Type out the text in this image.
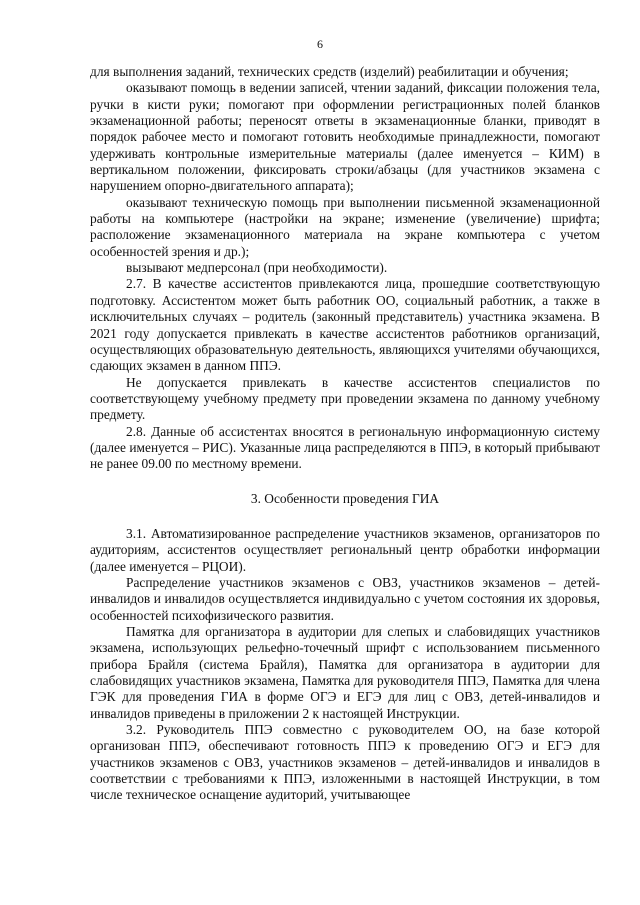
6

для выполнения заданий, технических средств (изделий) реабилитации и обучения;

оказывают помощь в ведении записей, чтении заданий, фиксации положения тела, ручки в кисти руки; помогают при оформлении регистрационных полей бланков экзаменационной работы; переносят ответы в экзаменационные бланки, приводят в порядок рабочее место и помогают готовить необходимые принадлежности, помогают удерживать контрольные измерительные материалы (далее именуется – КИМ) в вертикальном положении, фиксировать строки/абзацы (для участников экзамена с нарушением опорно-двигательного аппарата);

оказывают техническую помощь при выполнении письменной экзаменационной работы на компьютере (настройки на экране; изменение (увеличение) шрифта; расположение экзаменационного материала на экране компьютера с учетом особенностей зрения и др.);

вызывают медперсонал (при необходимости).

2.7. В качестве ассистентов привлекаются лица, прошедшие соответствующую подготовку. Ассистентом может быть работник ОО, социальный работник, а также в исключительных случаях – родитель (законный представитель) участника экзамена. В 2021 году допускается привлекать в качестве ассистентов работников организаций, осуществляющих образовательную деятельность, являющихся учителями обучающихся, сдающих экзамен в данном ППЭ.

Не допускается привлекать в качестве ассистентов специалистов по соответствующему учебному предмету при проведении экзамена по данному учебному предмету.

2.8. Данные об ассистентах вносятся в региональную информационную систему (далее именуется – РИС). Указанные лица распределяются в ППЭ, в который прибывают не ранее 09.00 по местному времени.

3. Особенности проведения ГИА

3.1. Автоматизированное распределение участников экзаменов, организаторов по аудиториям, ассистентов осуществляет региональный центр обработки информации (далее именуется – РЦОИ).

Распределение участников экзаменов с ОВЗ, участников экзаменов – детей-инвалидов и инвалидов осуществляется индивидуально с учетом состояния их здоровья, особенностей психофизического развития.

Памятка для организатора в аудитории для слепых и слабовидящих участников экзамена, использующих рельефно-точечный шрифт с использованием письменного прибора Брайля (система Брайля), Памятка для организатора в аудитории для слабовидящих участников экзамена, Памятка для руководителя ППЭ, Памятка для члена ГЭК для проведения ГИА в форме ОГЭ и ЕГЭ для лиц с ОВЗ, детей-инвалидов и инвалидов приведены в приложении 2 к настоящей Инструкции.

3.2. Руководитель ППЭ совместно с руководителем ОО, на базе которой организован ППЭ, обеспечивают готовность ППЭ к проведению ОГЭ и ЕГЭ для участников экзаменов с ОВЗ, участников экзаменов – детей-инвалидов и инвалидов в соответствии с требованиями к ППЭ, изложенными в настоящей Инструкции, в том числе техническое оснащение аудиторий, учитывающее
